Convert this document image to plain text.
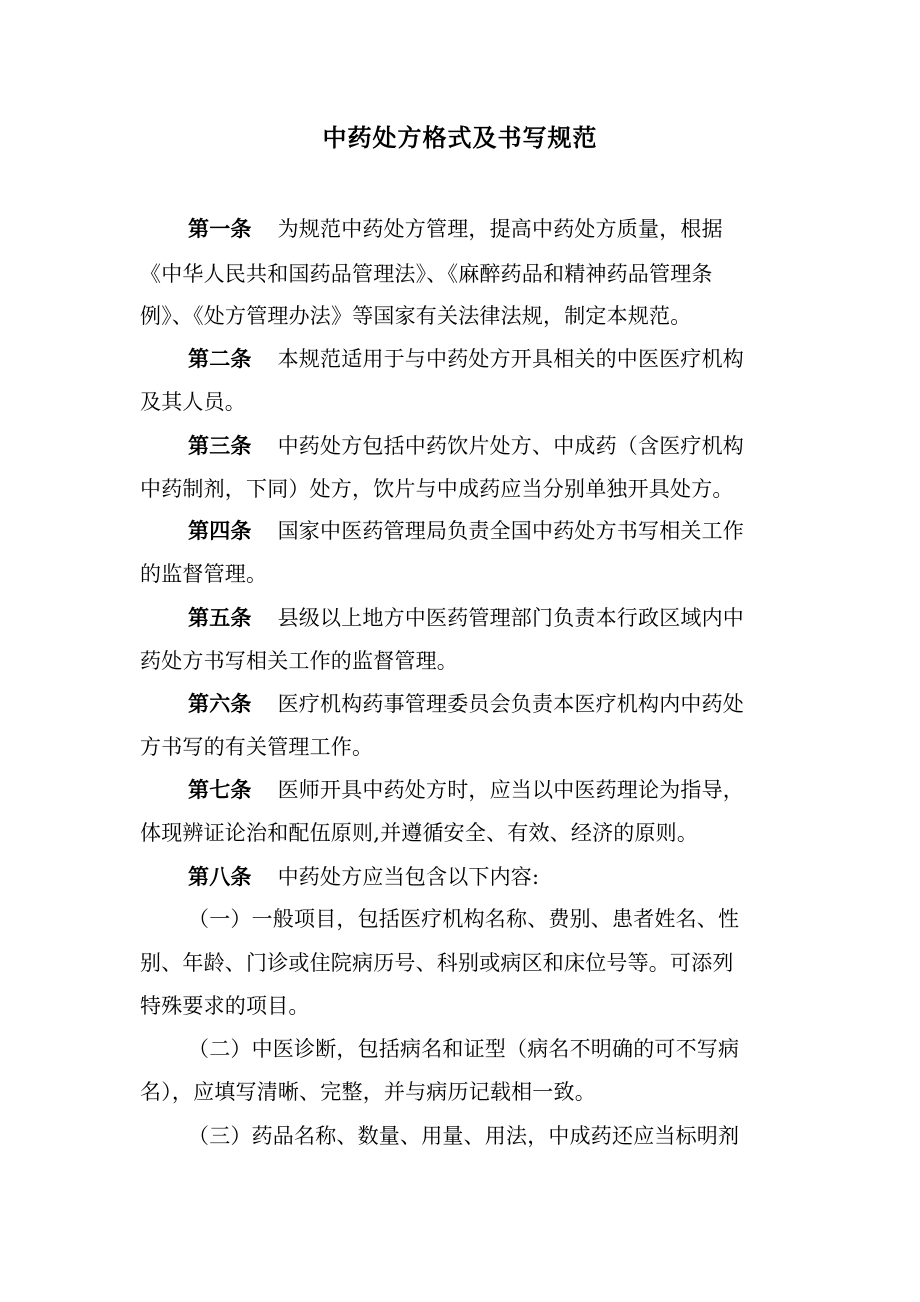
中药处方格式及书写规范
第一条 为规范中药处方管理，提高中药处方质量，根据
《中华人民共和国药品管理法》、《麻醉药品和精神药品管理条
例》、《处方管理办法》等国家有关法律法规，制定本规范。
第二条 本规范适用于与中药处方开具相关的中医医疗机构
及其人员。
第三条 中药处方包括中药饮片处方、中成药（含医疗机构
中药制剂，下同）处方，饮片与中成药应当分别单独开具处方。
第四条 国家中医药管理局负责全国中药处方书写相关工作
的监督管理。
第五条 县级以上地方中医药管理部门负责本行政区域内中
药处方书写相关工作的监督管理。
第六条 医疗机构药事管理委员会负责本医疗机构内中药处
方书写的有关管理工作。
第七条 医师开具中药处方时，应当以中医药理论为指导，
体现辨证论治和配伍原则,并遵循安全、有效、经济的原则。
第八条 中药处方应当包含以下内容:
（一）一般项目，包括医疗机构名称、费别、患者姓名、性
别、年龄、门诊或住院病历号、科别或病区和床位号等。可添列
特殊要求的项目。
（二）中医诊断，包括病名和证型（病名不明确的可不写病
名），应填写清晰、完整，并与病历记载相一致。
（三）药品名称、数量、用量、用法，中成药还应当标明剂
